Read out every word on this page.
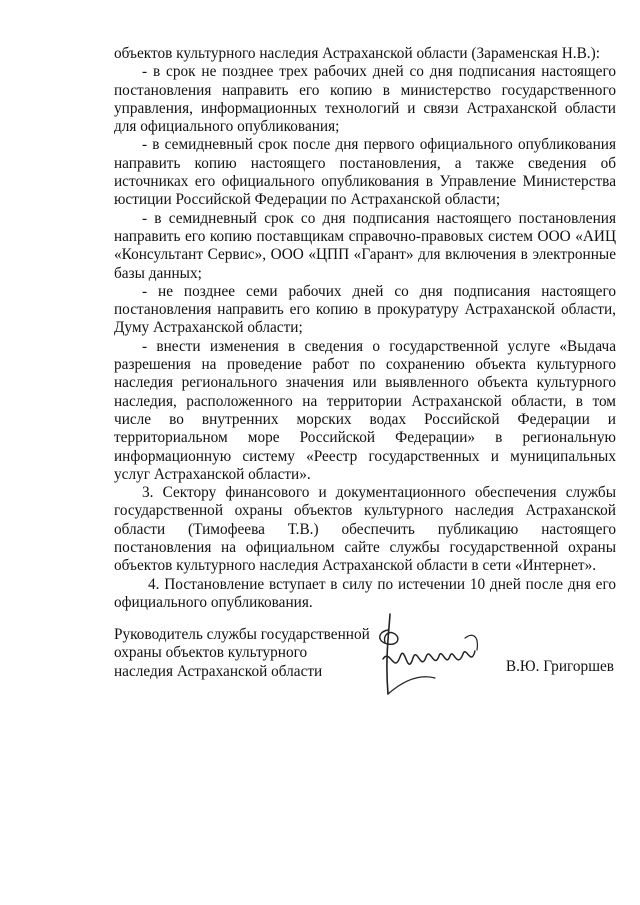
объектов культурного наследия Астраханской области (Зараменская Н.В.):

- в срок не позднее трех рабочих дней со дня подписания настоящего постановления направить его копию в министерство государственного управления, информационных технологий и связи Астраханской области для официального опубликования;

- в семидневный срок после дня первого официального опубликования направить копию настоящего постановления, а также сведения об источниках его официального опубликования в Управление Министерства юстиции Российской Федерации по Астраханской области;

- в семидневный срок со дня подписания настоящего постановления направить его копию поставщикам справочно-правовых систем ООО «АИЦ «Консультант Сервис», ООО «ЦПП «Гарант» для включения в электронные базы данных;

- не позднее семи рабочих дней со дня подписания настоящего постановления направить его копию в прокуратуру Астраханской области, Думу Астраханской области;

- внести изменения в сведения о государственной услуге «Выдача разрешения на проведение работ по сохранению объекта культурного наследия регионального значения или выявленного объекта культурного наследия, расположенного на территории Астраханской области, в том числе во внутренних морских водах Российской Федерации и территориальном море Российской Федерации» в региональную информационную систему «Реестр государственных и муниципальных услуг Астраханской области».

3. Сектору финансового и документационного обеспечения службы государственной охраны объектов культурного наследия Астраханской области (Тимофеева Т.В.) обеспечить публикацию настоящего постановления на официальном сайте службы государственной охраны объектов культурного наследия Астраханской области в сети «Интернет».

4. Постановление вступает в силу по истечении 10 дней после дня его официального опубликования.

Руководитель службы государственной
охраны объектов культурного
наследия Астраханской области	В.Ю. Григоршев
